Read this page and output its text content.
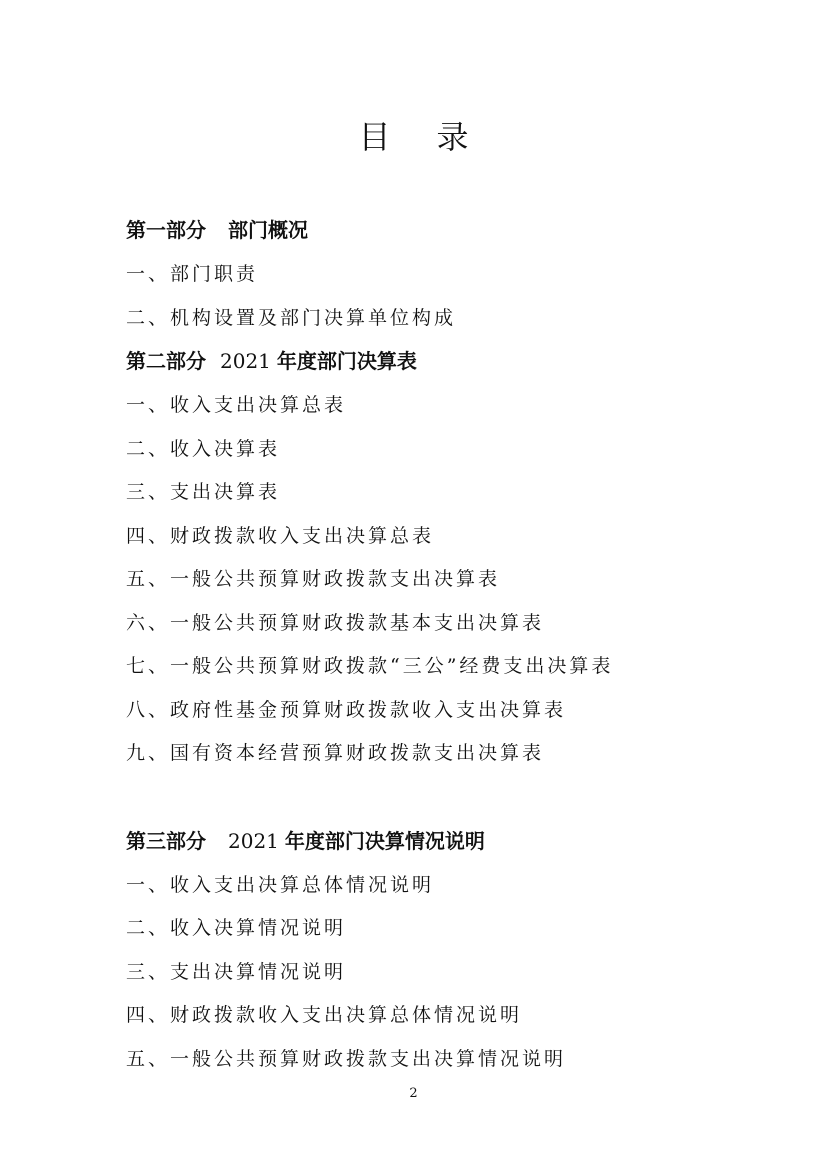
目 录
第一部分 部门概况
一、部门职责
二、机构设置及部门决算单位构成
第二部分 2021 年度部门决算表
一、收入支出决算总表
二、收入决算表
三、支出决算表
四、财政拨款收入支出决算总表
五、一般公共预算财政拨款支出决算表
六、一般公共预算财政拨款基本支出决算表
七、一般公共预算财政拨款“三公”经费支出决算表
八、政府性基金预算财政拨款收入支出决算表
九、国有资本经营预算财政拨款支出决算表
第三部分 2021 年度部门决算情况说明
一、收入支出决算总体情况说明
二、收入决算情况说明
三、支出决算情况说明
四、财政拨款收入支出决算总体情况说明
五、一般公共预算财政拨款支出决算情况说明
2
